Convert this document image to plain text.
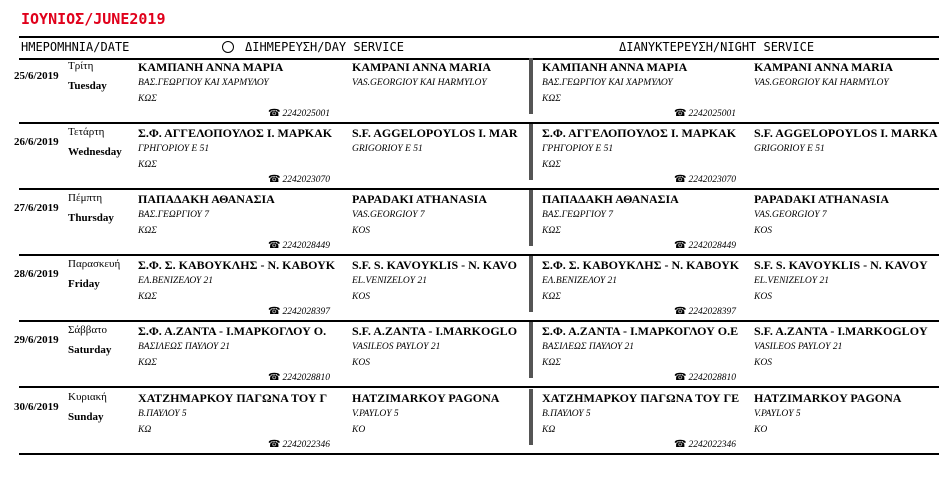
ΙΟΥΝΙΟΣ/JUNE2019
ΗΜΕΡΟΜΗΝΙΑ/DATE	ΔΙΗΜΕΡΕΥΣΗ/DAY SERVICE	ΔΙΑΝΥΚΤΕΡΕΥΣΗ/NIGHT SERVICE
25/6/2019
Τρίτη
Tuesday
ΚΑΜΠΑΝΗ ΑΝΝΑ ΜΑΡΙΑ
ΒΑΣ.ΓΕΩΡΓΙΟΥ ΚΑΙ ΧΑΡΜΥΛΟΥ
ΚΩΣ
KAMPANI ANNA MARIA
VAS.GEORGIOY KAI HARMYLOY
☎ 2242025001
ΚΑΜΠΑΝΗ ΑΝΝΑ ΜΑΡΙΑ
ΒΑΣ.ΓΕΩΡΓΙΟΥ ΚΑΙ ΧΑΡΜΥΛΟΥ
ΚΩΣ
KAMPANI ANNA MARIA
VAS.GEORGIOY KAI HARMYLOY
☎ 2242025001
26/6/2019
Τετάρτη
Wednesday
Σ.Φ. ΑΓΓΕΛΟΠΟΥΛΟΣ Ι. ΜΑΡΚΑΚ
ΓΡΗΓΟΡΙΟΥ Ε 51
ΚΩΣ
S.F. AGGELOPOYLOS I. MAR
GRIGORIOY E 51
☎ 2242023070
Σ.Φ. ΑΓΓΕΛΟΠΟΥΛΟΣ Ι. ΜΑΡΚΑΚ
ΓΡΗΓΟΡΙΟΥ Ε 51
ΚΩΣ
S.F. AGGELOPOYLOS I. MARKA
GRIGORIOY E 51
☎ 2242023070
27/6/2019
Πέμπτη
Thursday
ΠΑΠΑΔΑΚΗ ΑΘΑΝΑΣΙΑ
ΒΑΣ.ΓΕΩΡΓΙΟΥ 7
ΚΩΣ
PAPADAKI ATHANASIA
VAS.GEORGIOY 7
KOS
☎ 2242028449
ΠΑΠΑΔΑΚΗ ΑΘΑΝΑΣΙΑ
ΒΑΣ.ΓΕΩΡΓΙΟΥ 7
ΚΩΣ
PAPADAKI ATHANASIA
VAS.GEORGIOY 7
KOS
☎ 2242028449
28/6/2019
Παρασκευή
Friday
Σ.Φ. Σ. ΚΑΒΟΥΚΛΗΣ - Ν. ΚΑΒΟΥΚ
ΕΛ.ΒΕΝΙΖΕΛΟΥ 21
ΚΩΣ
S.F. S. KAVOYKLIS - N. KAVO
EL.VENIZELOY 21
KOS
☎ 2242028397
Σ.Φ. Σ. ΚΑΒΟΥΚΛΗΣ - Ν. ΚΑΒΟΥΚ
ΕΛ.ΒΕΝΙΖΕΛΟΥ 21
ΚΩΣ
S.F. S. KAVOYKLIS - N. KAVOY
EL.VENIZELOY 21
KOS
☎ 2242028397
29/6/2019
Σάββατο
Saturday
Σ.Φ. Α.ΖΑΝΤΑ - Ι.ΜΑΡΚΟΓΛΟΥ Ο.
ΒΑΣΙΛΕΩΣ ΠΑΥΛΟΥ 21
ΚΩΣ
S.F. A.ZANTA - I.MARKOGLO
VASILEOS PAYLOY 21
KOS
☎ 2242028810
Σ.Φ. Α.ΖΑΝΤΑ - Ι.ΜΑΡΚΟΓΛΟΥ Ο.Ε
ΒΑΣΙΛΕΩΣ ΠΑΥΛΟΥ 21
ΚΩΣ
S.F. A.ZANTA - I.MARKOGLOY
VASILEOS PAYLOY 21
KOS
☎ 2242028810
30/6/2019
Κυριακή
Sunday
ΧΑΤΖΗΜΑΡΚΟΥ ΠΑΓΩΝΑ ΤΟΥ Γ
Β.ΠΑΥΛΟΥ 5
ΚΩ
HATZIMARKOY PAGONA
V.PAYLOY 5
KO
☎ 2242022346
ΧΑΤΖΗΜΑΡΚΟΥ ΠΑΓΩΝΑ ΤΟΥ ΓΕ
Β.ΠΑΥΛΟΥ 5
ΚΩ
HATZIMARKOY PAGONA
V.PAYLOY 5
KO
☎ 2242022346
